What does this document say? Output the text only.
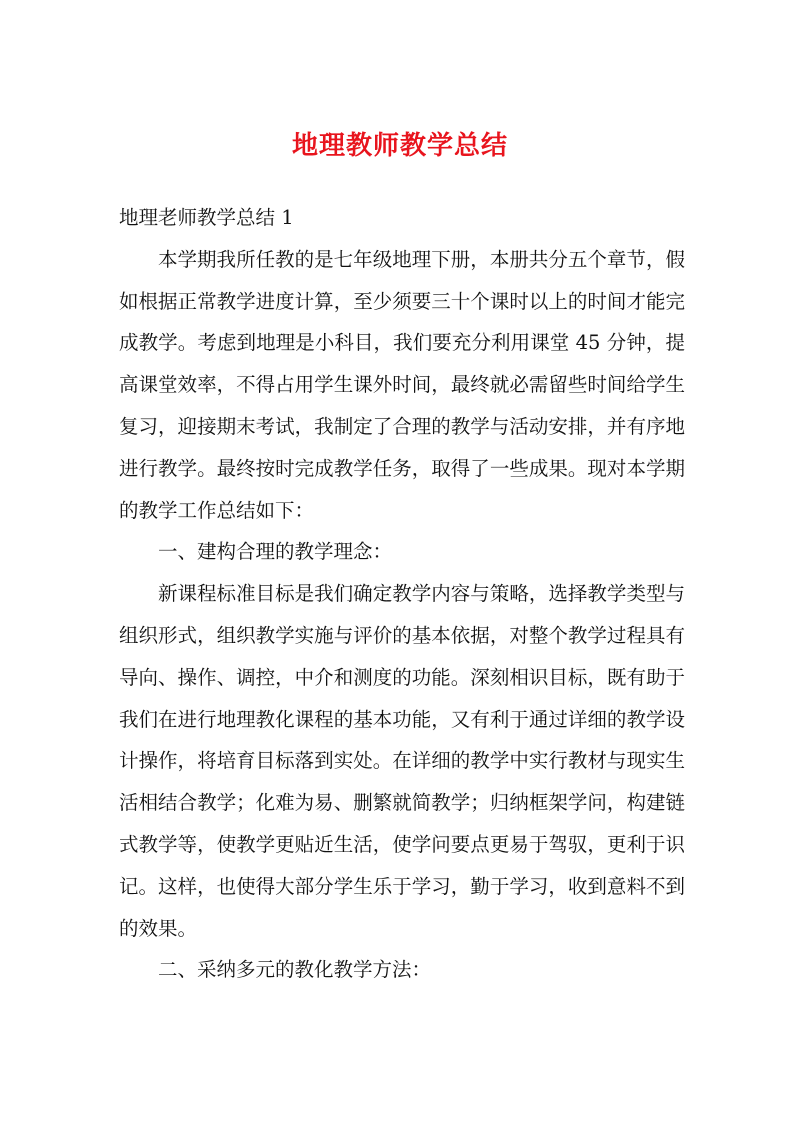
地理教师教学总结

地理老师教学总结 1

本学期我所任教的是七年级地理下册，本册共分五个章节，假如根据正常教学进度计算，至少须要三十个课时以上的时间才能完成教学。考虑到地理是小科目，我们要充分利用课堂 45 分钟，提高课堂效率，不得占用学生课外时间，最终就必需留些时间给学生复习，迎接期末考试，我制定了合理的教学与活动安排，并有序地进行教学。最终按时完成教学任务，取得了一些成果。现对本学期的教学工作总结如下：

一、建构合理的教学理念：

新课程标准目标是我们确定教学内容与策略，选择教学类型与组织形式，组织教学实施与评价的基本依据，对整个教学过程具有导向、操作、调控，中介和测度的功能。深刻相识目标，既有助于我们在进行地理教化课程的基本功能，又有利于通过详细的教学设计操作，将培育目标落到实处。在详细的教学中实行教材与现实生活相结合教学；化难为易、删繁就简教学；归纳框架学问，构建链式教学等，使教学更贴近生活，使学问要点更易于驾驭，更利于识记。这样，也使得大部分学生乐于学习，勤于学习，收到意料不到的效果。

二、采纳多元的教化教学方法：
